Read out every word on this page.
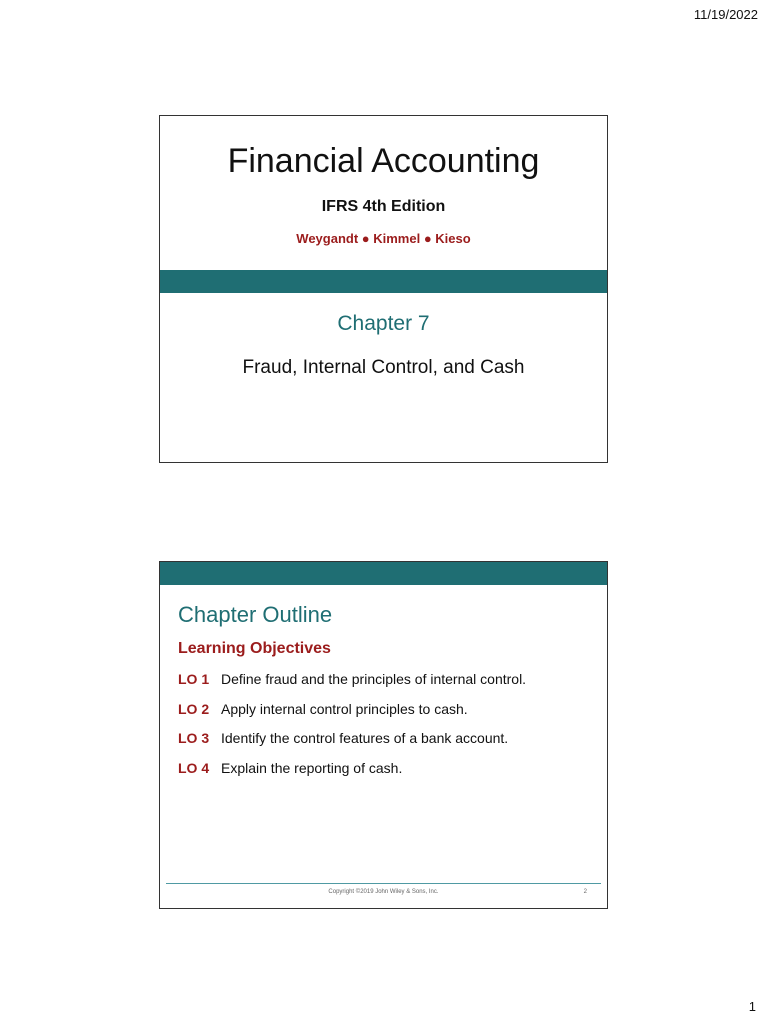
11/19/2022
Financial Accounting
IFRS 4th Edition
Weygandt ● Kimmel ● Kieso
Chapter 7
Fraud, Internal Control, and Cash
Chapter Outline
Learning Objectives
LO 1 Define fraud and the principles of internal control.
LO 2 Apply internal control principles to cash.
LO 3 Identify the control features of a bank account.
LO 4 Explain the reporting of cash.
Copyright ©2019 John Wiley & Sons, Inc.	2
1
